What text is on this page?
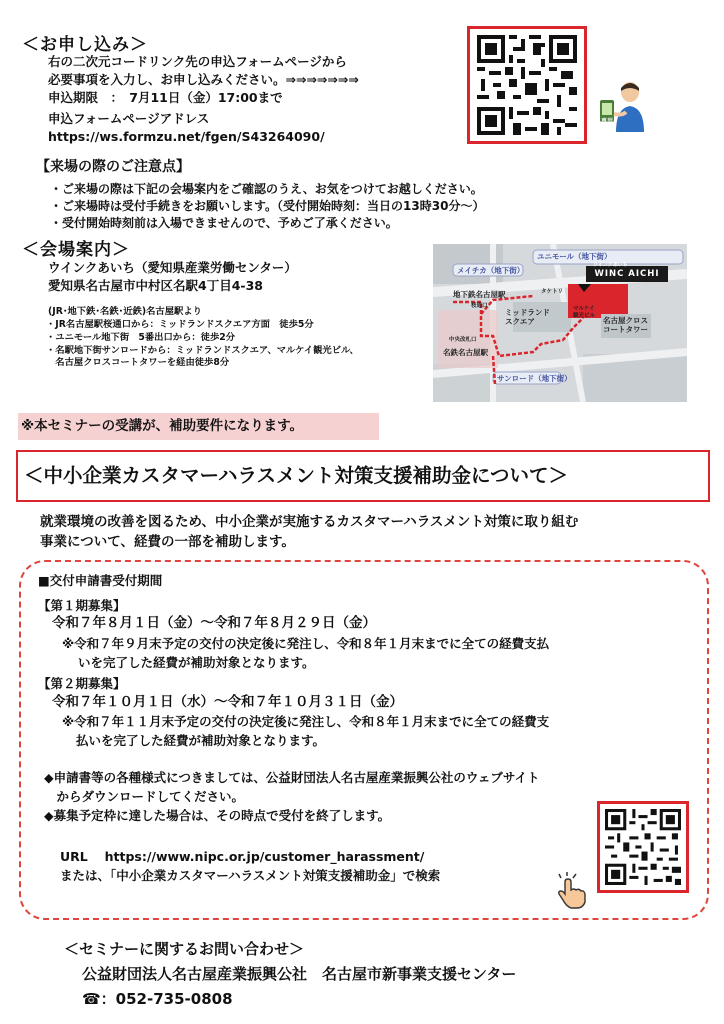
＜お申し込み＞
右の二次元コードリンク先の申込フォームページから
必要事項を入力し、お申し込みください。⇒⇒⇒⇒⇒⇒⇒
申込期限　：　7月11日（金）17:00まで
申込フォームページアドレス
https://ws.formzu.net/fgen/S43264090/
専用
【来場の際のご注意点】
・ご来場の際は下記の会場案内をご確認のうえ、お気をつけてお越しください。
・ご来場時は受付手続きをお願いします。（受付開始時刻：当日の13時30分～）
・受付開始時刻前は入場できませんので、予めご了承ください。
＜会場案内＞
ウインクあいち（愛知県産業労働センター）
愛知県名古屋市中村区名駅4丁目4-38
(JR･地下鉄･名鉄･近鉄)名古屋駅より
・JR名古屋駅桜通口から：ミッドランドスクエア方面　徒歩5分
・ユニモール地下街　5番出口から：徒歩2分
・名駅地下街サンロードから：ミッドランドスクエア、マルケイ観光ビル、
　名古屋クロスコートタワーを経由徒歩8分
WINC AICHI
ウインクあいち
ユニモール（地下街）
メイチカ（地下街）
地下鉄名古屋駅
ミッドランド
スクエア
マルケイ
観光ビル 名古屋クロス
コートタワー
名鉄名古屋駅
サンロード（地下街）
桜通口
中央改札口
タケトリ
※本セミナーの受講が、補助要件になります。
＜中小企業カスタマーハラスメント対策支援補助金について＞
就業環境の改善を図るため、中小企業が実施するカスタマーハラスメント対策に取り組む
事業について、経費の一部を補助します。
■交付申請書受付期間
【第１期募集】
令和７年８月１日（金）～令和７年８月２９日（金）
※令和７年９月末予定の交付の決定後に発注し、令和８年１月末までに全ての経費支払
いを完了した経費が補助対象となります。
【第２期募集】
令和７年１０月１日（水）～令和７年１０月３１日（金）
※令和７年１１月末予定の交付の決定後に発注し、令和８年１月末までに全ての経費支
払いを完了した経費が補助対象となります。
◆申請書等の各種様式につきましては、公益財団法人名古屋産業振興公社のウェブサイト
　からダウンロードしてください。
◆募集予定枠に達した場合は、その時点で受付を終了します。
URL　 https://www.nipc.or.jp/customer_harassment/
または、「中小企業カスタマーハラスメント対策支援補助金」で検索
＜セミナーに関するお問い合わせ＞
公益財団法人名古屋産業振興公社　名古屋市新事業支援センター
☎：052-735-0808
